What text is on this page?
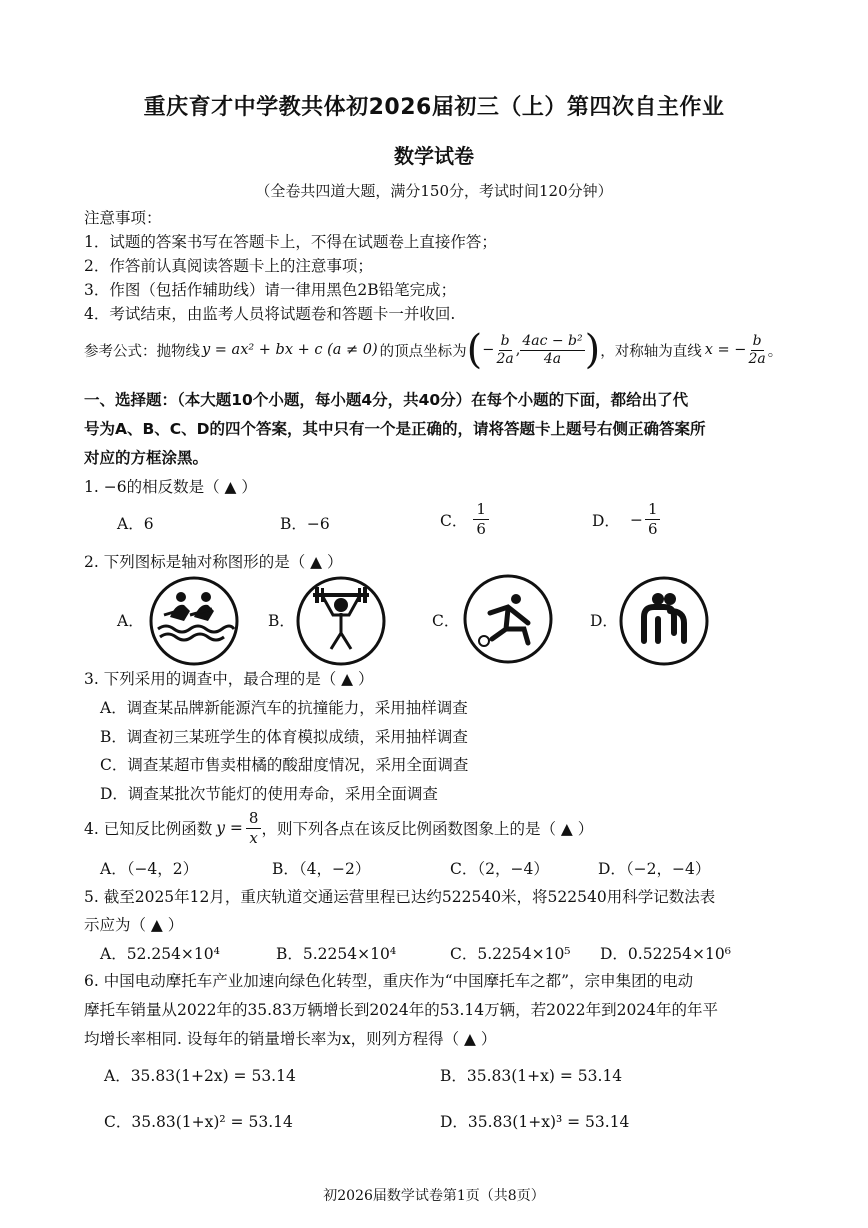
重庆育才中学教共体初2026届初三（上）第四次自主作业
数学试卷
（全卷共四道大题，满分150分，考试时间120分钟）
注意事项：
1．试题的答案书写在答题卡上，不得在试题卷上直接作答；
2．作答前认真阅读答题卡上的注意事项；
3．作图（包括作辅助线）请一律用黑色2B铅笔完成；
4．考试结束，由监考人员将试题卷和答题卡一并收回.
参考公式：抛物线 y = ax² + bx + c (a ≠ 0) 的顶点坐标为 ( − $\frac{b}{2a}$ , $\frac{\text{4ac − b²}}{4a}$ ) ，对称轴为直线 x = − $\frac{b}{2a}$ 。
一、选择题：（本大题10个小题，每小题4分，共40分）在每个小题的下面，都给出了代
号为A、B、C、D的四个答案，其中只有一个是正确的，请将答题卡上题号右侧正确答案所
对应的方框涂黑。
1. −6的相反数是（ ▲ ）
A．6	B．−6	C． $\frac{1}{6}$	D． − $\frac{1}{6}$
2. 下列图标是轴对称图形的是（ ▲ ）
A．	B．	C．	D．
3. 下列采用的调查中，最合理的是（ ▲ ）
A．调查某品牌新能源汽车的抗撞能力，采用抽样调查
B．调查初三某班学生的体育模拟成绩，采用抽样调查
C．调查某超市售卖柑橘的酸甜度情况，采用全面调查
D．调查某批次节能灯的使用寿命，采用全面调查
4. 已知反比例函数 $y = \frac{8}{x}$ ，则下列各点在该反比例函数图象上的是（ ▲ ）
A．（−4，2）	B．（4，−2）	C．（2，−4）	D．（−2，−4）
5. 截至2025年12月，重庆轨道交通运营里程已达约522540米，将522540用科学记数法表
示应为（ ▲ ）
A．52.254×10⁴	B．5.2254×10⁴	C．5.2254×10⁵ D．0.52254×10⁶
6. 中国电动摩托车产业加速向绿色化转型，重庆作为“中国摩托车之都”，宗申集团的电动
摩托车销量从2022年的35.83万辆增长到2024年的53.14万辆，若2022年到2024年的年平
均增长率相同. 设每年的销量增长率为x，则列方程得（ ▲ ）
A．35.83(1+2x) = 53.14	B．35.83(1+x) = 53.14
C．35.83(1+x)² = 53.14	D．35.83(1+x)³ = 53.14
初2026届数学试卷第1页（共8页）
